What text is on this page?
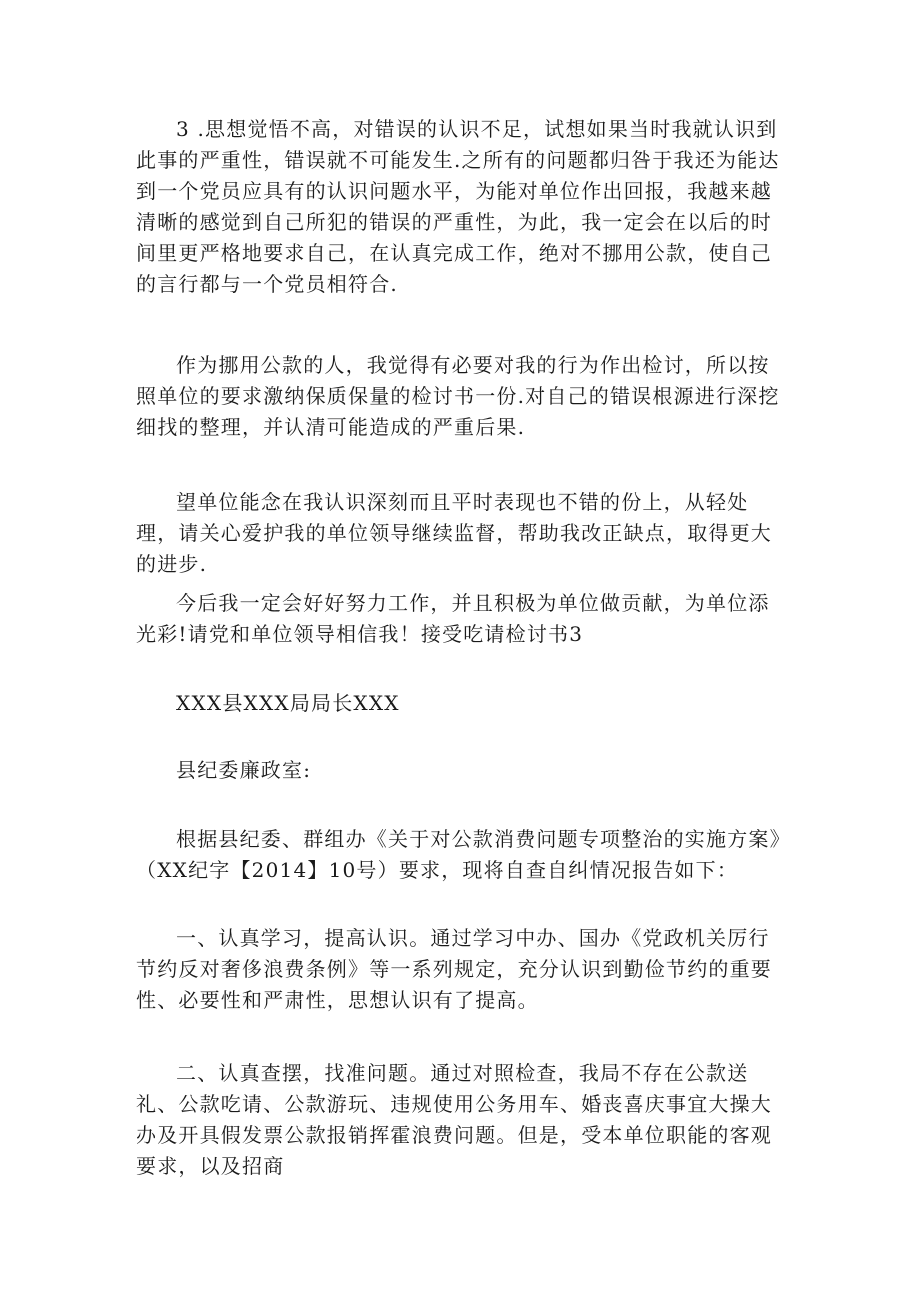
3 .思想觉悟不高，对错误的认识不足，试想如果当时我就认识到此事的严重性，错误就不可能发生.之所有的问题都归咎于我还为能达到一个党员应具有的认识问题水平，为能对单位作出回报，我越来越清晰的感觉到自己所犯的错误的严重性，为此，我一定会在以后的时间里更严格地要求自己，在认真完成工作，绝对不挪用公款，使自己的言行都与一个党员相符合.

作为挪用公款的人，我觉得有必要对我的行为作出检讨，所以按照单位的要求激纳保质保量的检讨书一份.对自己的错误根源进行深挖细找的整理，并认清可能造成的严重后果.

望单位能念在我认识深刻而且平时表现也不错的份上，从轻处理，请关心爱护我的单位领导继续监督，帮助我改正缺点，取得更大的进步.

今后我一定会好好努力工作，并且积极为单位做贡献，为单位添光彩!请党和单位领导相信我！接受吃请检讨书3

XXX县XXX局局长XXX

县纪委廉政室:

根据县纪委、群组办《关于对公款消费问题专项整治的实施方案》（XX纪字【2014】10号）要求，现将自查自纠情况报告如下：

一、认真学习，提高认识。通过学习中办、国办《党政机关厉行节约反对奢侈浪费条例》等一系列规定，充分认识到勤俭节约的重要性、必要性和严肃性，思想认识有了提高。

二、认真查摆，找准问题。通过对照检查，我局不存在公款送礼、公款吃请、公款游玩、违规使用公务用车、婚丧喜庆事宜大操大办及开具假发票公款报销挥霍浪费问题。但是，受本单位职能的客观要求，以及招商
